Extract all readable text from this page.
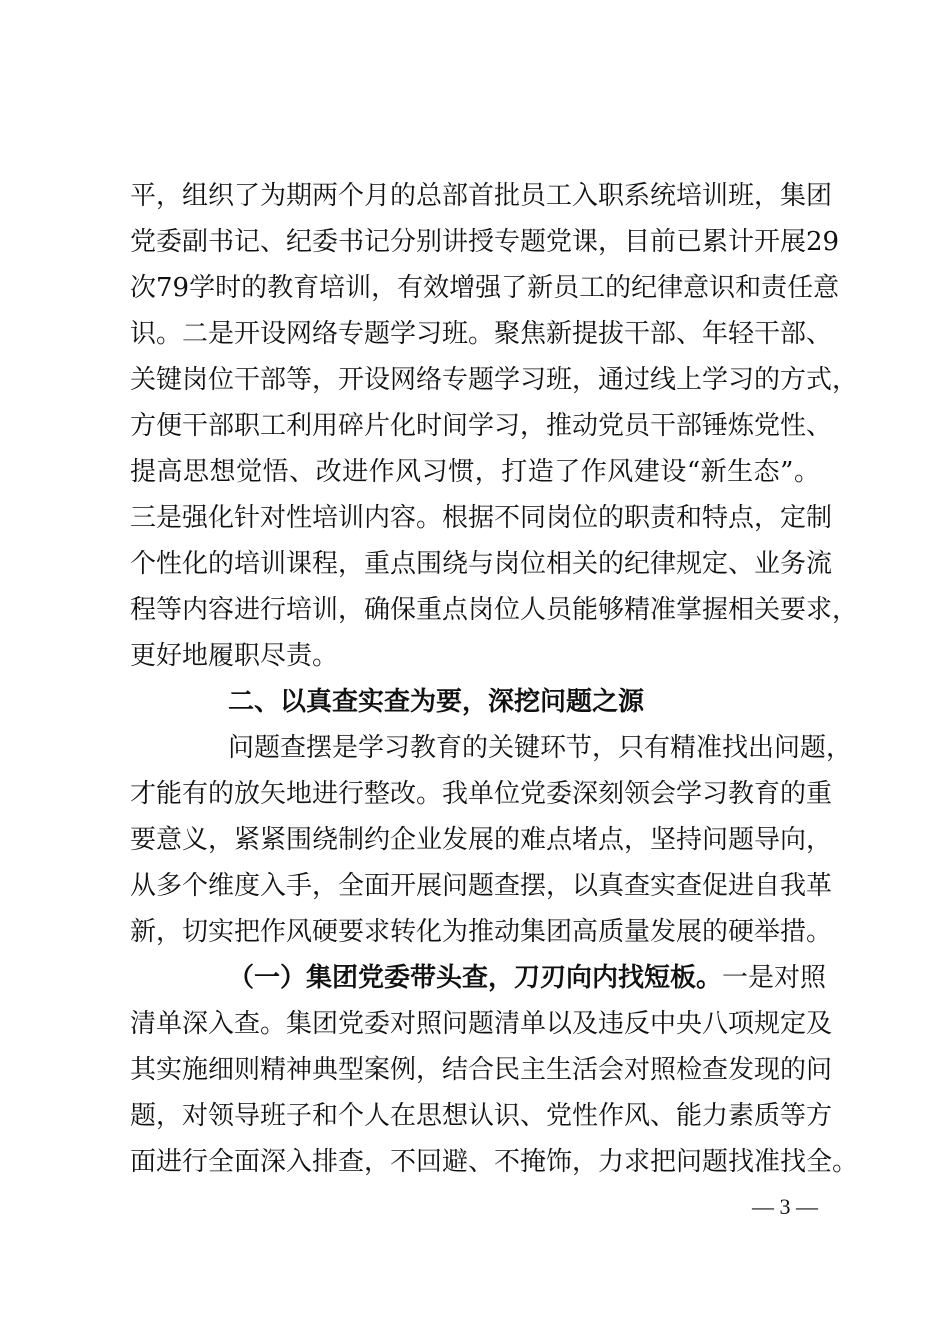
平，组织了为期两个月的总部首批员工入职系统培训班，集团
党委副书记、纪委书记分别讲授专题党课，目前已累计开展29
次79学时的教育培训，有效增强了新员工的纪律意识和责任意
识。二是开设网络专题学习班。聚焦新提拔干部、年轻干部、
关键岗位干部等，开设网络专题学习班，通过线上学习的方式，
方便干部职工利用碎片化时间学习，推动党员干部锤炼党性、
提高思想觉悟、改进作风习惯，打造了作风建设“新生态”。
三是强化针对性培训内容。根据不同岗位的职责和特点，定制
个性化的培训课程，重点围绕与岗位相关的纪律规定、业务流
程等内容进行培训，确保重点岗位人员能够精准掌握相关要求，
更好地履职尽责。
二、以真查实查为要，深挖问题之源
问题查摆是学习教育的关键环节，只有精准找出问题，
才能有的放矢地进行整改。我单位党委深刻领会学习教育的重
要意义，紧紧围绕制约企业发展的难点堵点，坚持问题导向，
从多个维度入手，全面开展问题查摆，以真查实查促进自我革
新，切实把作风硬要求转化为推动集团高质量发展的硬举措。
（一）集团党委带头查，刀刃向内找短板。一是对照
清单深入查。集团党委对照问题清单以及违反中央八项规定及
其实施细则精神典型案例，结合民主生活会对照检查发现的问
题，对领导班子和个人在思想认识、党性作风、能力素质等方
面进行全面深入排查，不回避、不掩饰，力求把问题找准找全。
— 3 —
